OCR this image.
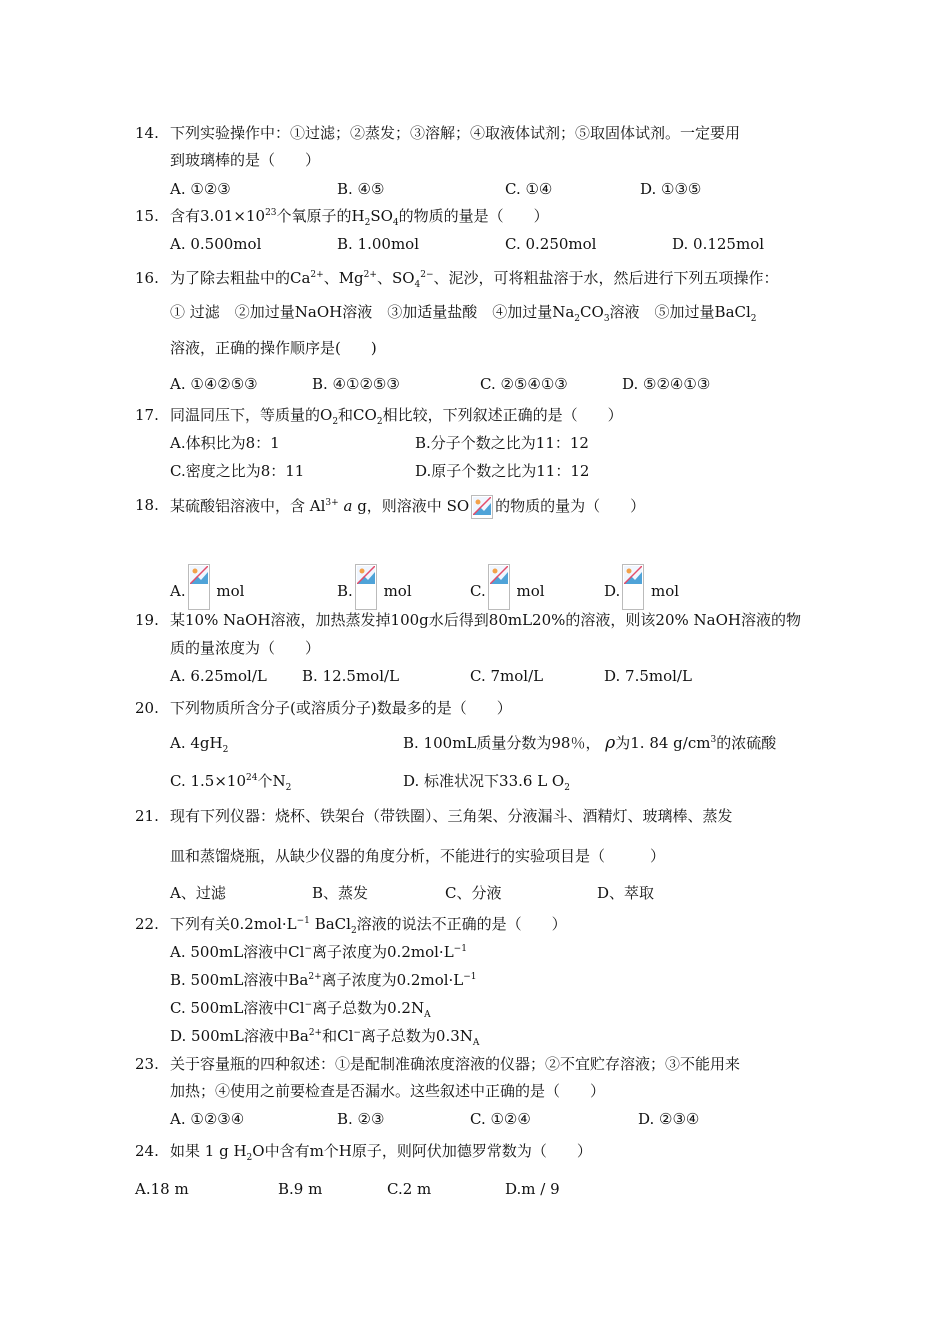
14. 下列实验操作中：①过滤；②蒸发；③溶解；④取液体试剂；⑤取固体试剂。一定要用
到玻璃棒的是（　　）
A. ①②③	B. ④⑤	C. ①④	D. ①③⑤
15. 含有$3.01\times 10^{23}$个氧原子的$H_2SO_4$的物质的量是（　　）
A. 0.500mol	B. 1.00mol	C. 0.250mol	D. 0.125mol
16. 为了除去粗盐中的$Ca^{2+}$、$Mg^{2+}$、$SO_4^{2-}$、泥沙，可将粗盐溶于水，然后进行下列五项操作：
① 过滤　②加过量NaOH溶液　③加适量盐酸　④加过量$Na_2CO_3$溶液　⑤加过量BaCl$_2$
溶液，正确的操作顺序是(　　)
A. ①④②⑤③	B. ④①②⑤③	C. ②⑤④①③	D. ⑤②④①③
17. 同温同压下，等质量的$O_2$和$CO_2$相比较，下列叙述正确的是（　　）
A.体积比为8：1	B.分子个数之比为11：12
C.密度之比为8：11	D.原子个数之比为11：12
18. 某硫酸铝溶液中，含 $Al^{3+}$ a g，则溶液中 SO 的物质的量为（　　）
A. mol	B. mol	C. mol	D. mol
19. 某10% NaOH溶液，加热蒸发掉100g水后得到80mL20%的溶液，则该20% NaOH溶液的物
质的量浓度为（　　）
A. 6.25mol/L B. 12.5mol/L	C. 7mol/L	D. 7.5mol/L
20. 下列物质所含分子(或溶质分子)数最多的是（　　）
A. $4gH_2$	B. 100mL质量分数为98％， ρ为1. 84 $g/cm^3$的浓硫酸
C. $1.5\times 10^{24}$个$N_2$	D. 标准状况下33.6 L $O_2$
21. 现有下列仪器：烧杯、铁架台（带铁圈）、三角架、分液漏斗、酒精灯、玻璃棒、蒸发
皿和蒸馏烧瓶，从缺少仪器的角度分析，不能进行的实验项目是（　　　）
A、过滤	B、蒸发	C、分液	D、萃取
22. 下列有关$0.2mol\cdot L^{-1}$ BaCl$_2$溶液的说法不正确的是（　　）
A. 500mL溶液中Cl−离子浓度为$0.2mol\cdot L^{-1}$
B. 500mL溶液中$Ba^{2+}$离子浓度为$0.2mol\cdot L^{-1}$
C. 500mL溶液中Cl−离子总数为$0.2N_A$
D. 500mL溶液中$Ba^{2+}$和Cl−离子总数为$0.3N_A$
23. 关于容量瓶的四种叙述：①是配制准确浓度溶液的仪器；②不宜贮存溶液；③不能用来
加热；④使用之前要检查是否漏水。这些叙述中正确的是（　　）
A. ①②③④	B. ②③	C. ①②④	D. ②③④
24. 如果 1 g $H_2O$中含有m个H原子，则阿伏加德罗常数为（　　）
A.18 m	B.9 m	C.2 m	D.m / 9
